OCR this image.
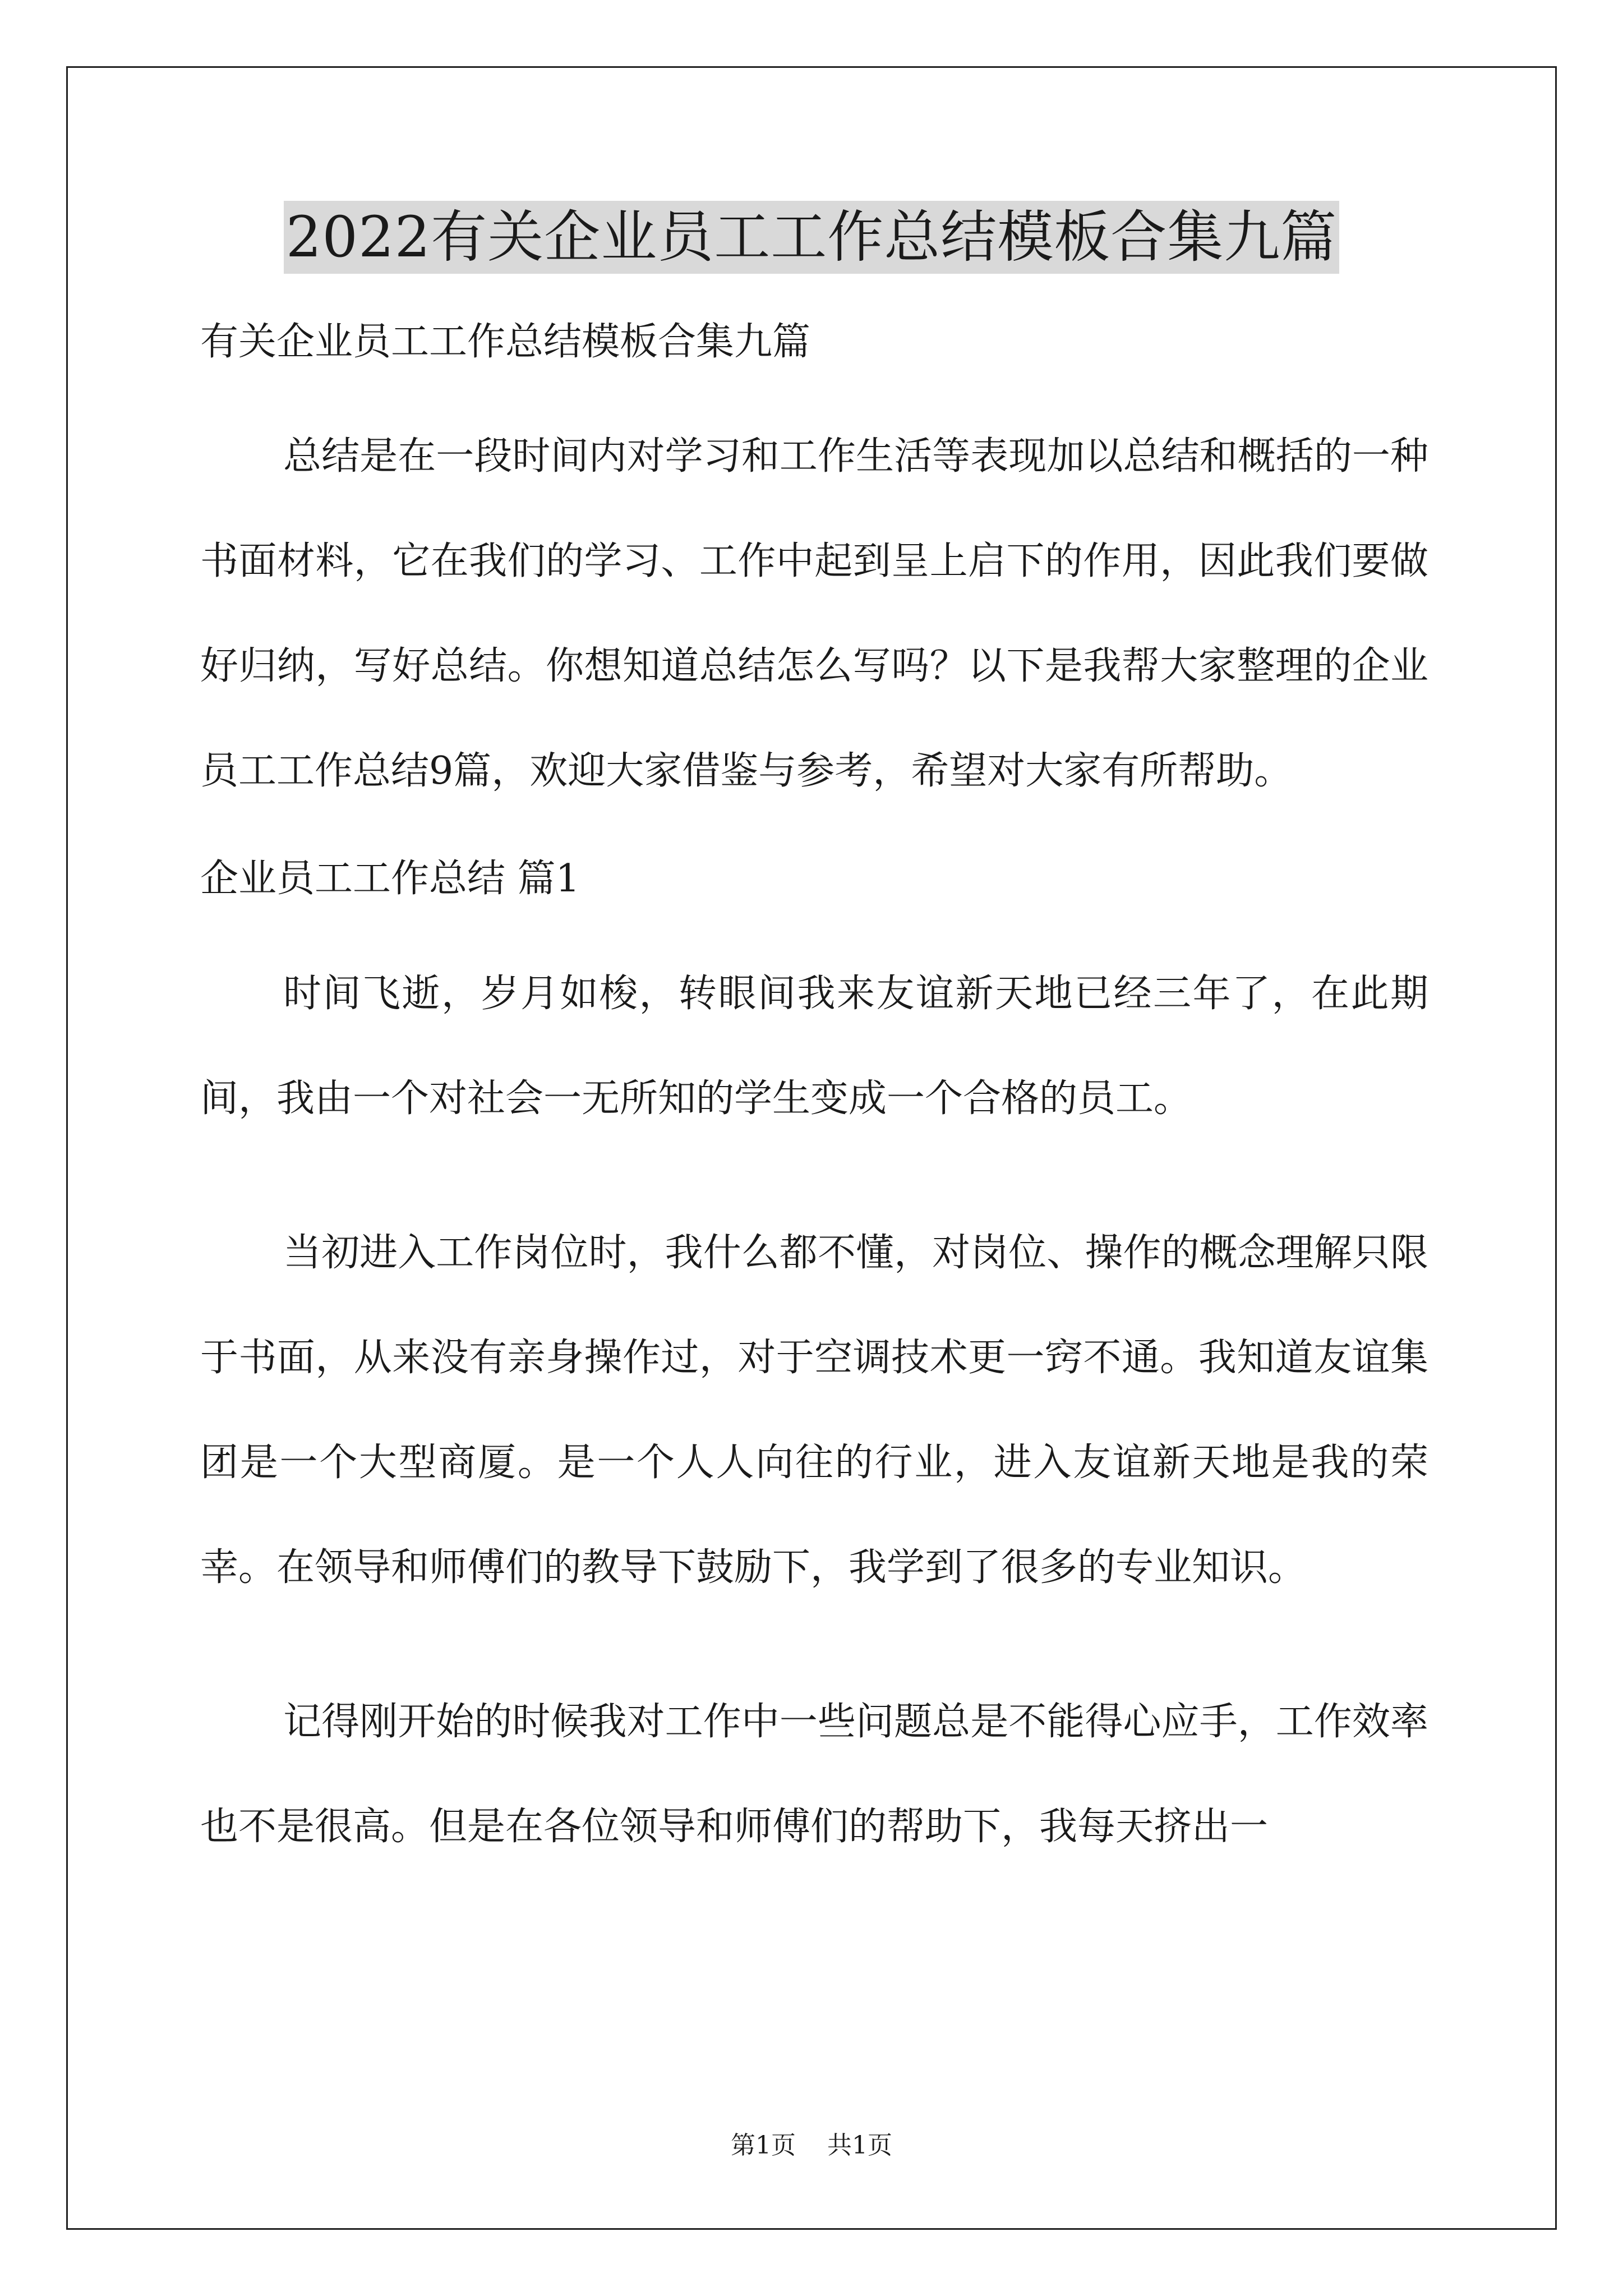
2022有关企业员工工作总结模板合集九篇

有关企业员工工作总结模板合集九篇

总结是在一段时间内对学习和工作生活等表现加以总结和概括的一种书面材料，它在我们的学习、工作中起到呈上启下的作用，因此我们要做好归纳，写好总结。你想知道总结怎么写吗？以下是我帮大家整理的企业员工工作总结9篇，欢迎大家借鉴与参考，希望对大家有所帮助。

企业员工工作总结 篇1

时间飞逝，岁月如梭，转眼间我来友谊新天地已经三年了，在此期间，我由一个对社会一无所知的学生变成一个合格的员工。

当初进入工作岗位时，我什么都不懂，对岗位、操作的概念理解只限于书面，从来没有亲身操作过，对于空调技术更一窍不通。我知道友谊集团是一个大型商厦。是一个人人向往的行业，进入友谊新天地是我的荣幸。在领导和师傅们的教导下鼓励下，我学到了很多的专业知识。

记得刚开始的时候我对工作中一些问题总是不能得心应手，工作效率也不是很高。但是在各位领导和师傅们的帮助下，我每天挤出一

第1页 共1页
